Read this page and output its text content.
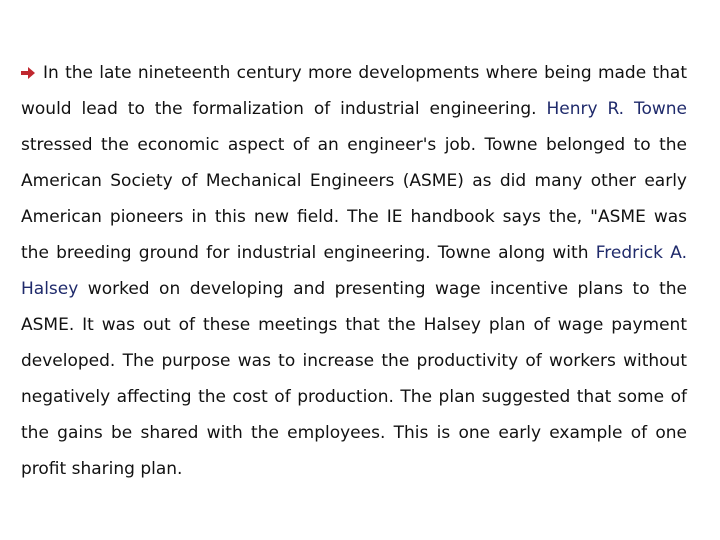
In the late nineteenth century more developments where being made that would lead to the formalization of industrial engineering. Henry R. Towne stressed the economic aspect of an engineer's job. Towne belonged to the American Society of Mechanical Engineers (ASME) as did many other early American pioneers in this new field. The IE handbook says the, "ASME was the breeding ground for industrial engineering. Towne along with Fredrick A. Halsey worked on developing and presenting wage incentive plans to the ASME. It was out of these meetings that the Halsey plan of wage payment developed. The purpose was to increase the productivity of workers without negatively affecting the cost of production. The plan suggested that some of the gains be shared with the employees. This is one early example of one profit sharing plan.
